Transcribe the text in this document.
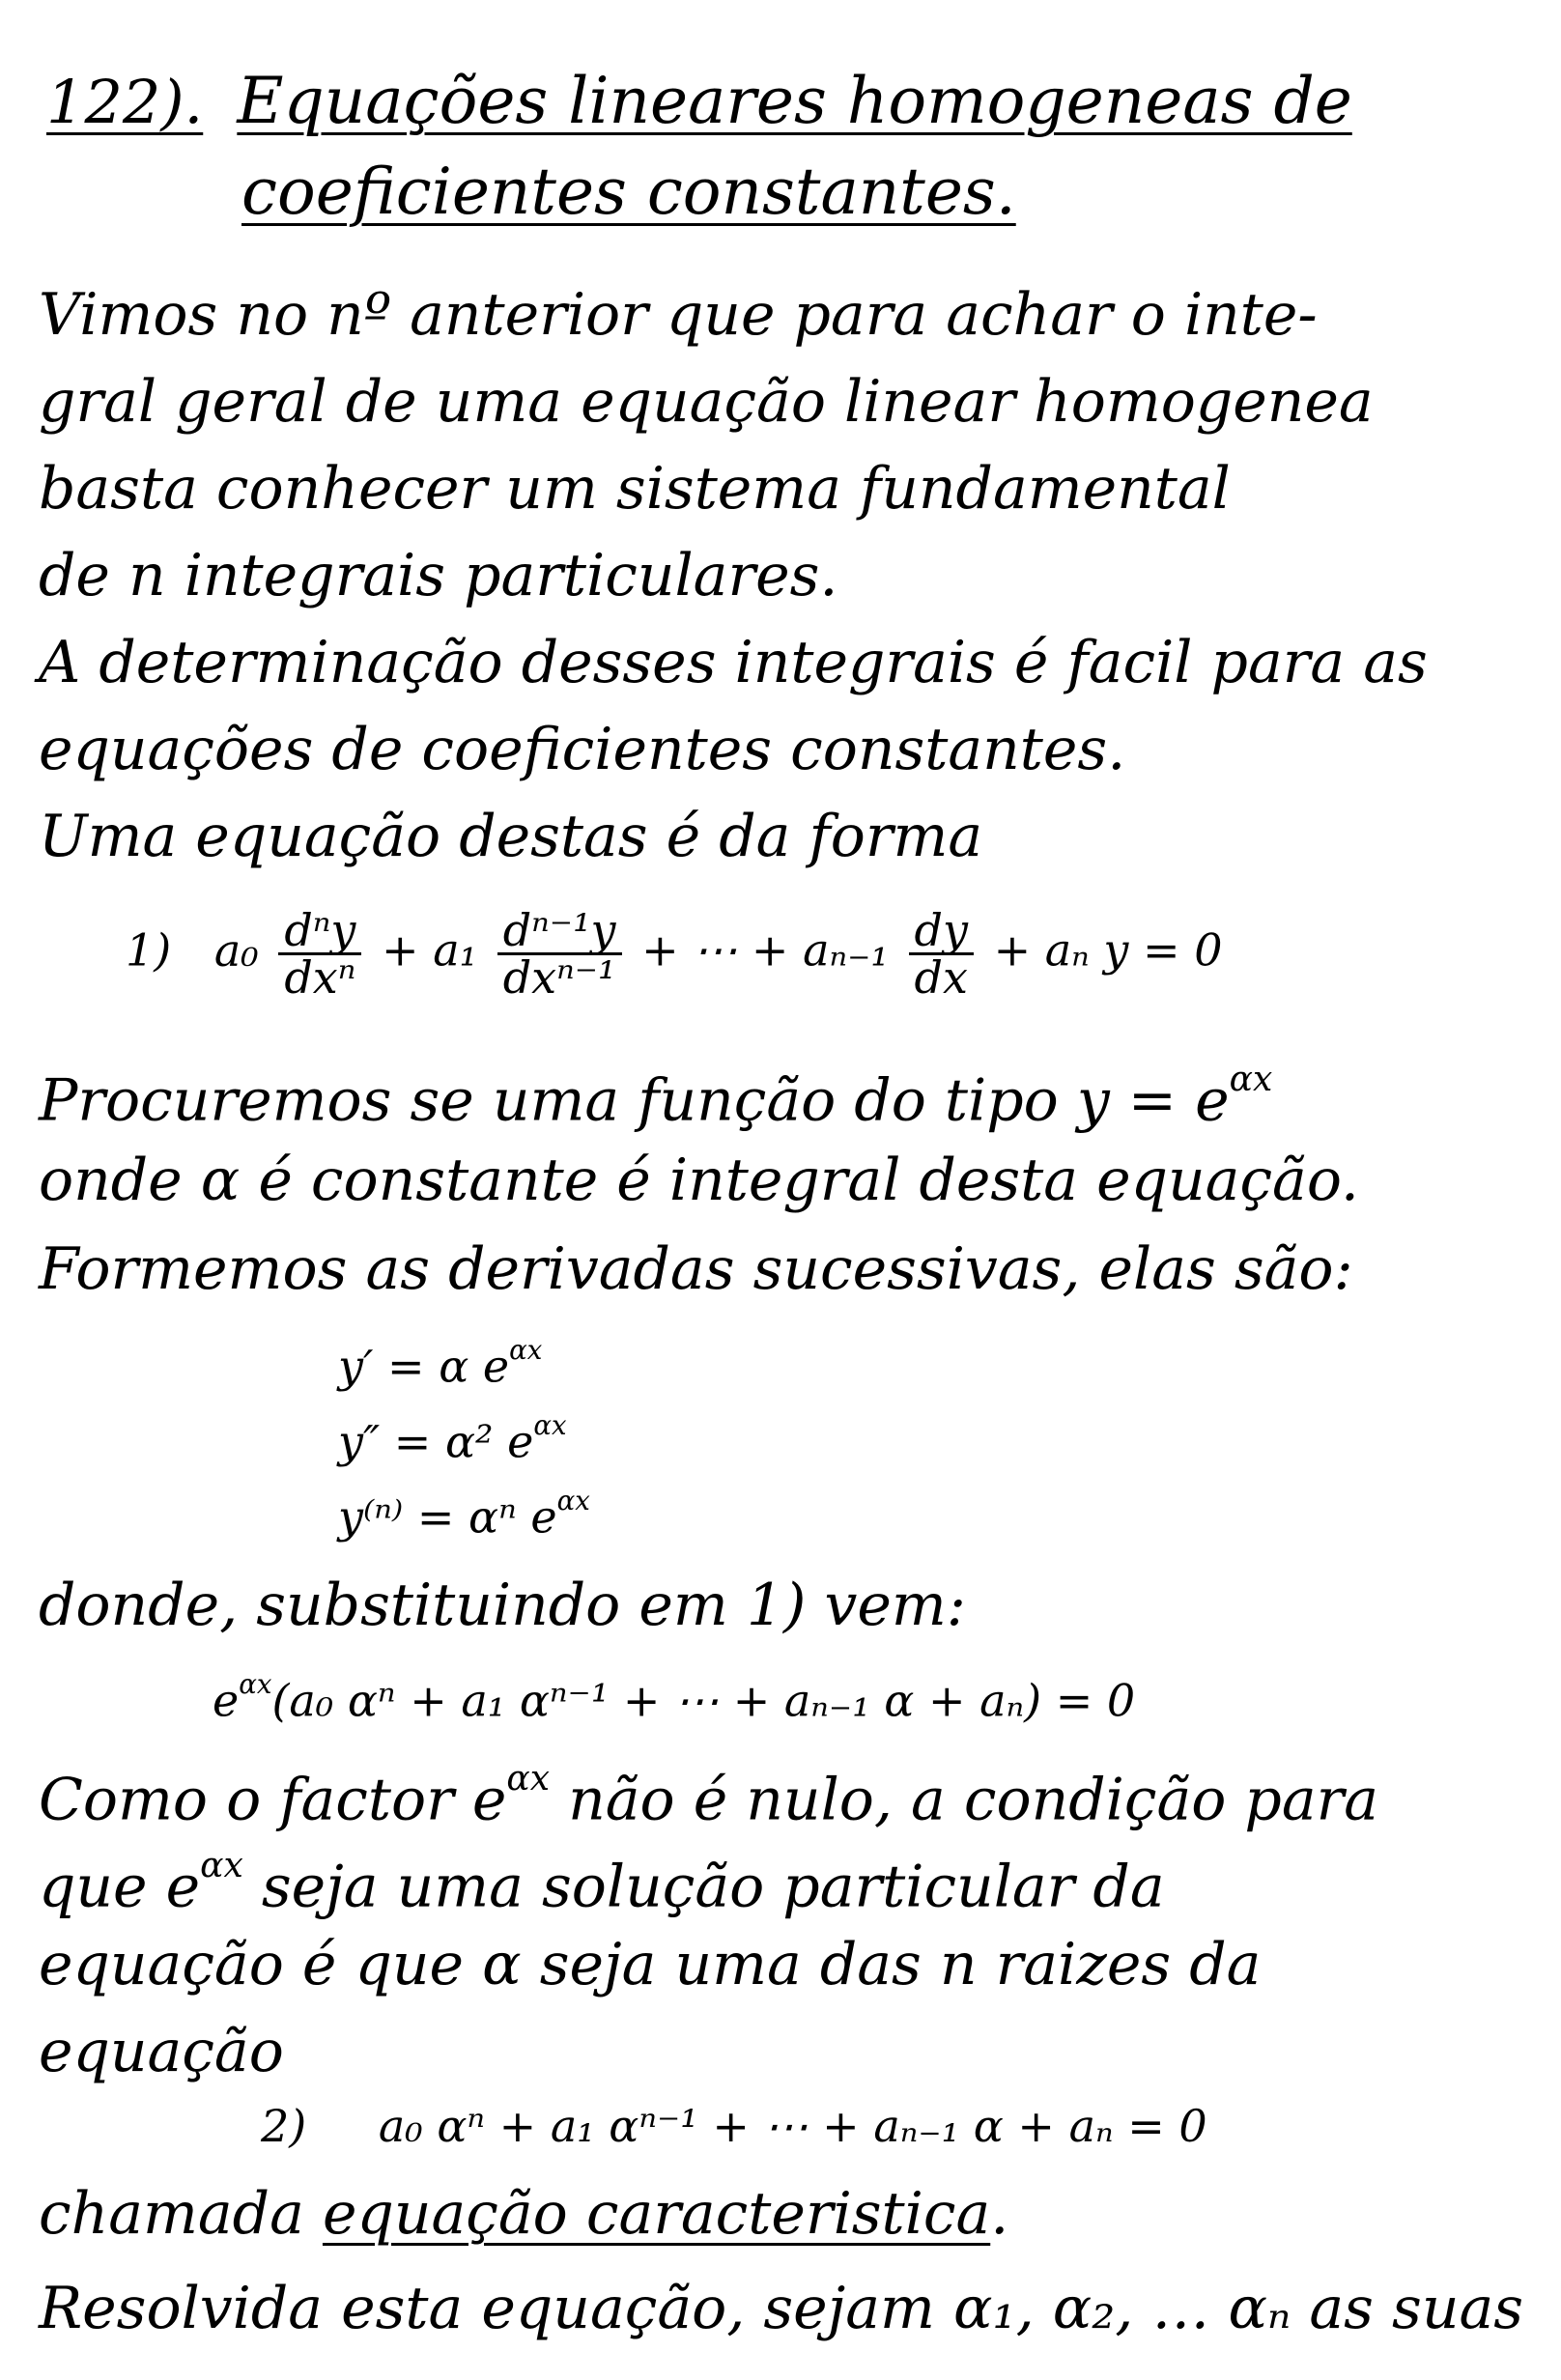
122). Equações lineares homogeneas de
coeficientes constantes.
Vimos no nº anterior que para achar o inte-
gral geral de uma equação linear homogenea
basta conhecer um sistema fundamental
de n integrais particulares.
A determinação desses integrais é facil para as
equações de coeficientes constantes.
Uma equação destas é da forma
1) $a_0 \frac{\text{dⁿy}}{\text{dxⁿ}} + a_1 \frac{\text{dⁿ⁻¹y}}{\text{dxⁿ⁻¹}}$ + ⋯ + $a_{n-1} \frac{dy}{dx} + a_n$ y = 0
Procuremos se uma função do tipo $y = e^{\alpha x}$
onde α é constante é integral desta equação.
Formemos as derivadas sucessivas, elas são:
y′ = α $e^{\alpha x}$
y″ = α² $e^{\alpha x}$
y⁽ⁿ⁾ = αⁿ $e^{\alpha x}$
donde, substituindo em 1) vem:
$e^{\alpha x}(a_0$ αⁿ + a₁ αⁿ⁻¹ + ⋯ + aₙ₋₁ α + aₙ) = 0
Como o factor $e^{\alpha x}$ não é nulo, a condição para
que $e^{\alpha x}$ seja uma solução particular da
equação é que α seja uma das n raizes da
equação
2) a₀ αⁿ + a₁ αⁿ⁻¹ + ⋯ + aₙ₋₁ α + aₙ = 0
chamada equação caracteristica.
Resolvida esta equação, sejam α₁, α₂, … αₙ as suas
